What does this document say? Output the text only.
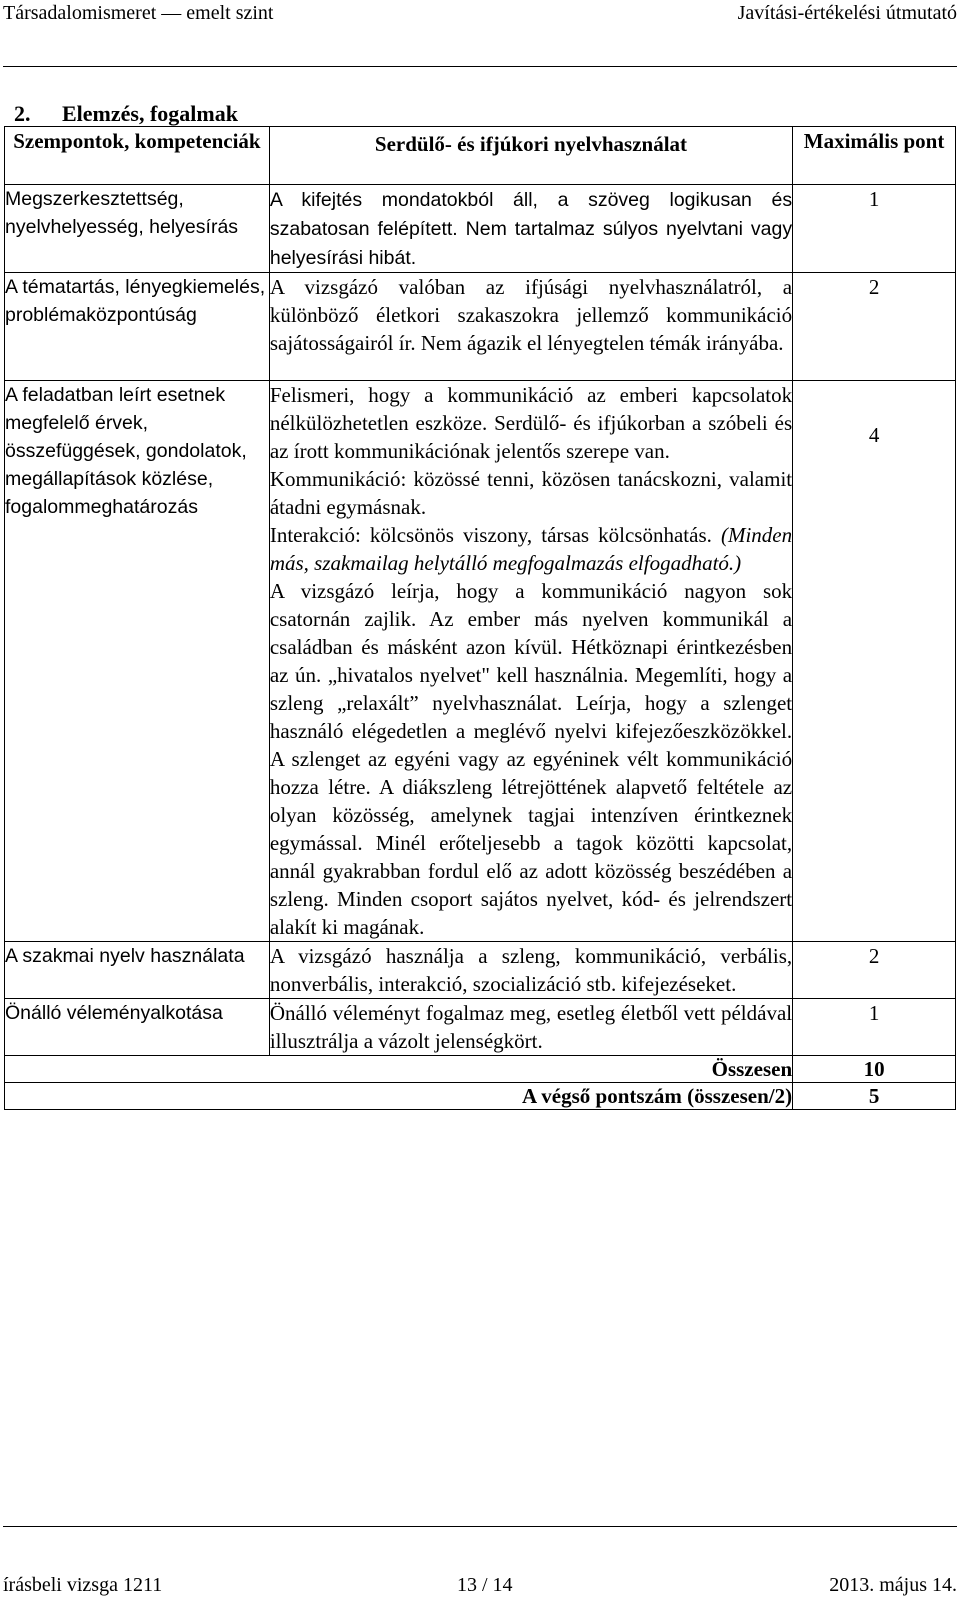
Társadalomismeret — emelt szint	Javítási-értékelési útmutató
2. Elemzés, fogalmak
Szempontok, kompetenciák	Serdülő- és ifjúkori nyelvhasználat	Maximális pont
Megszerkesztettség, nyelvhelyesség, helyesírás	A kifejtés mondatokból áll, a szöveg logikusan és szabatosan felépített. Nem tartalmaz súlyos nyelvtani vagy helyesírási hibát.	1
A tématartás, lényegkiemelés, problémaközpontúság	A vizsgázó valóban az ifjúsági nyelvhasználatról, a különböző életkori szakaszokra jellemző kommunikáció sajátosságairól ír. Nem ágazik el lényegtelen témák irányába.	2
A feladatban leírt esetnek megfelelő érvek, összefüggések, gondolatok, megállapítások közlése, fogalommeghatározás	Felismeri, hogy a kommunikáció az emberi kapcsolatok nélkülözhetetlen eszköze. Serdülő- és ifjúkorban a szóbeli és az írott kommunikációnak jelentős szerepe van.
Kommunikáció: közössé tenni, közösen tanácskozni, valamit átadni egymásnak.
Interakció: kölcsönös viszony, társas kölcsönhatás. (Minden más, szakmailag helytálló megfogalmazás elfogadható.)
A vizsgázó leírja, hogy a kommunikáció nagyon sok csatornán zajlik. Az ember más nyelven kommunikál a családban és másként azon kívül. Hétköznapi érintkezésben az ún. „hivatalos nyelvet" kell használnia. Megemlíti, hogy a szleng „relaxált” nyelvhasználat. Leírja, hogy a szlenget használó elégedetlen a meglévő nyelvi kifejezőeszközökkel. A szlenget az egyéni vagy az egyéninek vélt kommunikáció hozza létre. A diákszleng létrejöttének alapvető feltétele az olyan közösség, amelynek tagjai intenzíven érintkeznek egymással. Minél erőteljesebb a tagok közötti kapcsolat, annál gyakrabban fordul elő az adott közösség beszédében a szleng. Minden csoport sajátos nyelvet, kód- és jelrendszert alakít ki magának.	4

A szakmai nyelv használata	A vizsgázó használja a szleng, kommunikáció, verbális, nonverbális, interakció, szocializáció stb. kifejezéseket.	2
Önálló véleményalkotása	Önálló véleményt fogalmaz meg, esetleg életből vett példával illusztrálja a vázolt jelenségkört.	1
Összesen		10
A végső pontszám (összesen/2)		5
írásbeli vizsga 1211	13 / 14	2013. május 14.
